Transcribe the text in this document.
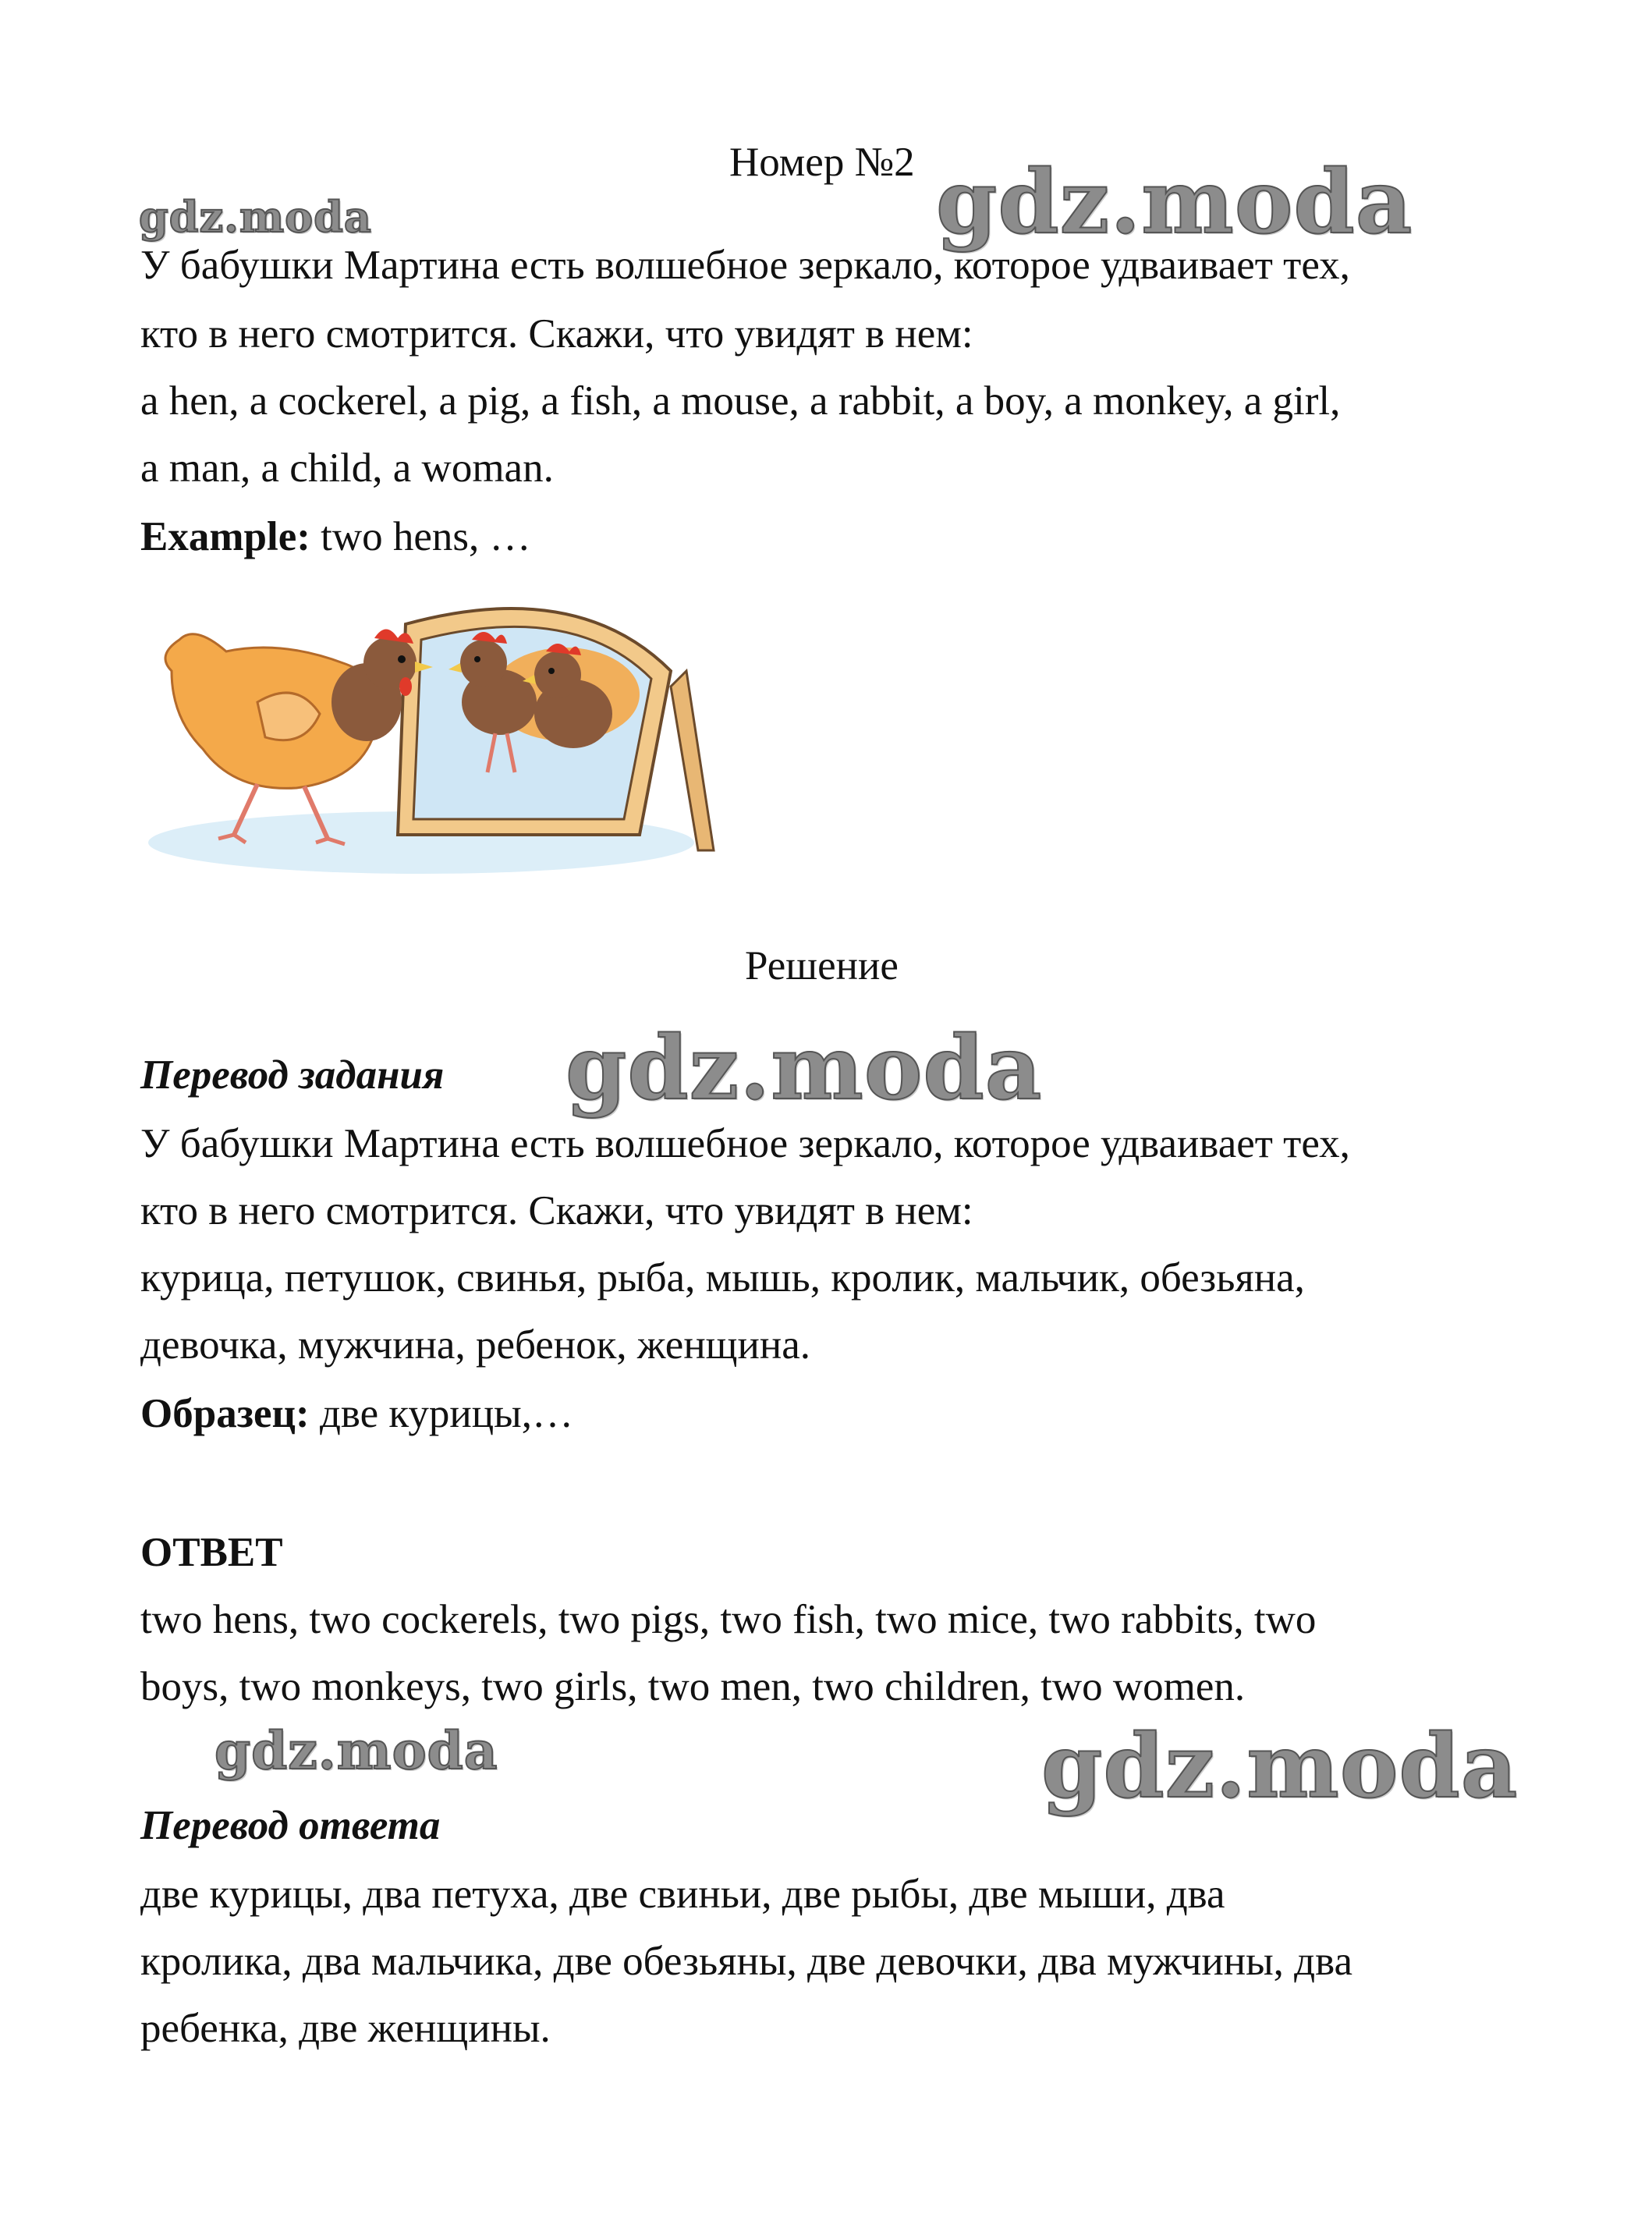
Номер №2
gdz.moda	gdz.moda
У бабушки Мартина есть волшебное зеркало, которое удваивает тех,
кто в него смотрится. Скажи, что увидят в нем:
a hen, a cockerel, a pig, a fish, a mouse, a rabbit, a boy, a monkey, a girl,
a man, a child, a woman.
Example: two hens, …
Решение
Перевод задания gdz.moda
У бабушки Мартина есть волшебное зеркало, которое удваивает тех,
кто в него смотрится. Скажи, что увидят в нем:
курица, петушок, свинья, рыба, мышь, кролик, мальчик, обезьяна,
девочка, мужчина, ребенок, женщина.
Образец: две курицы,…
ОТВЕТ
two hens, two cockerels, two pigs, two fish, two mice, two rabbits, two
boys, two monkeys, two girls, two men, two children, two women.
gdz.moda	gdz.moda
Перевод ответа
две курицы, два петуха, две свиньи, две рыбы, две мыши, два
кролика, два мальчика, две обезьяны, две девочки, два мужчины, два
ребенка, две женщины.
